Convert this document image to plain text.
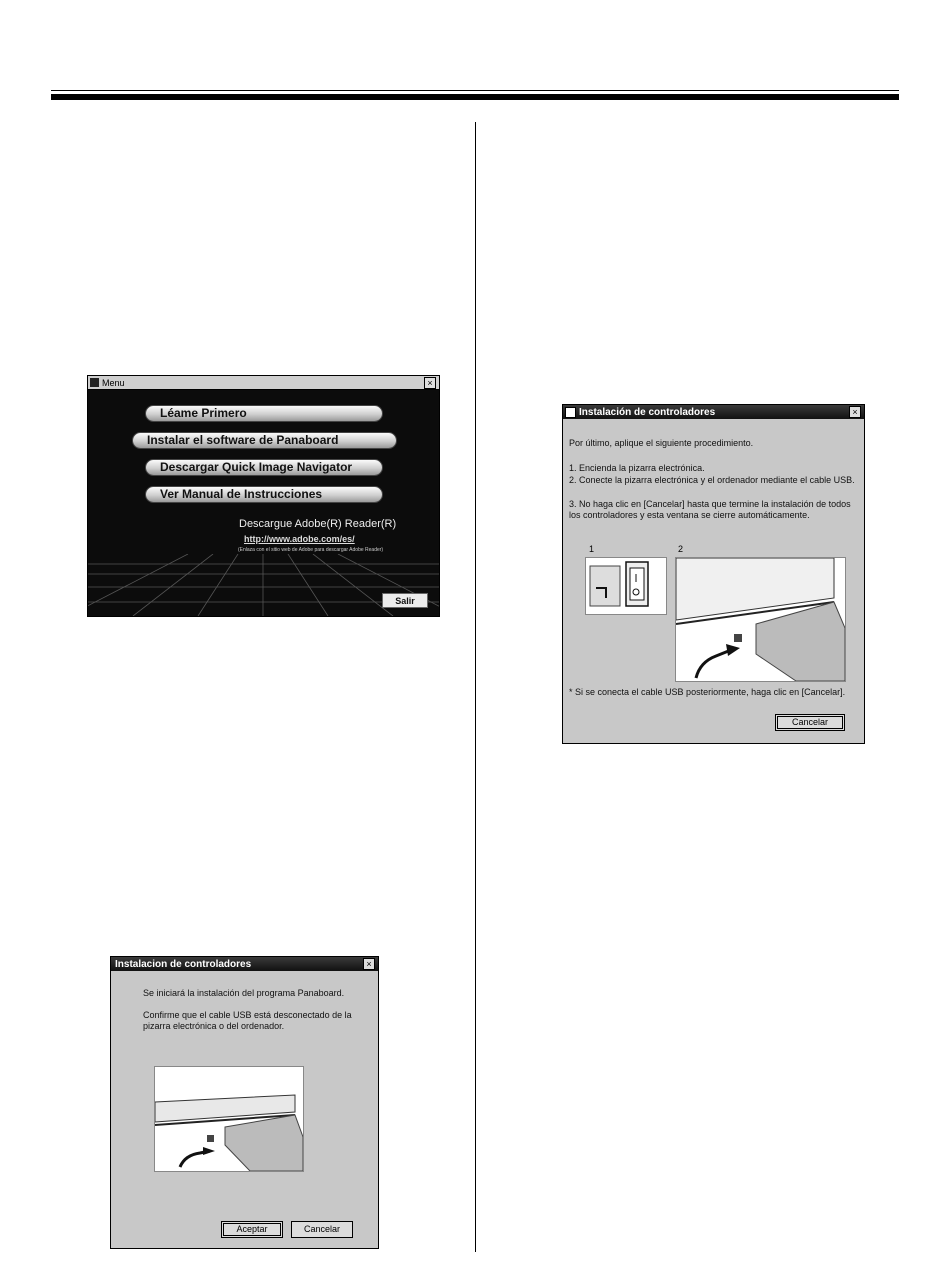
Menu	×
Léame Primero
Instalar el software de Panaboard
Descargar Quick Image Navigator
Ver Manual de Instrucciones
Descargue Adobe(R) Reader(R)
http://www.adobe.com/es/
(Enlaza con el sitio web de Adobe para descargar Adobe Reader)
Salir
Instalacion de controladores	×
Se iniciará la instalación del programa Panaboard.
Confirme que el cable USB está desconectado de la pizarra electrónica o del ordenador.
Aceptar	Cancelar
Instalación de controladores	×
Por último, aplique el siguiente procedimiento.
1. Encienda la pizarra electrónica.
2. Conecte la pizarra electrónica y el ordenador mediante el cable USB.
3. No haga clic en [Cancelar] hasta que termine la instalación de todos los controladores y esta ventana se cierre automáticamente.
1	2
* Si se conecta el cable USB posteriormente, haga clic en [Cancelar].
Cancelar
